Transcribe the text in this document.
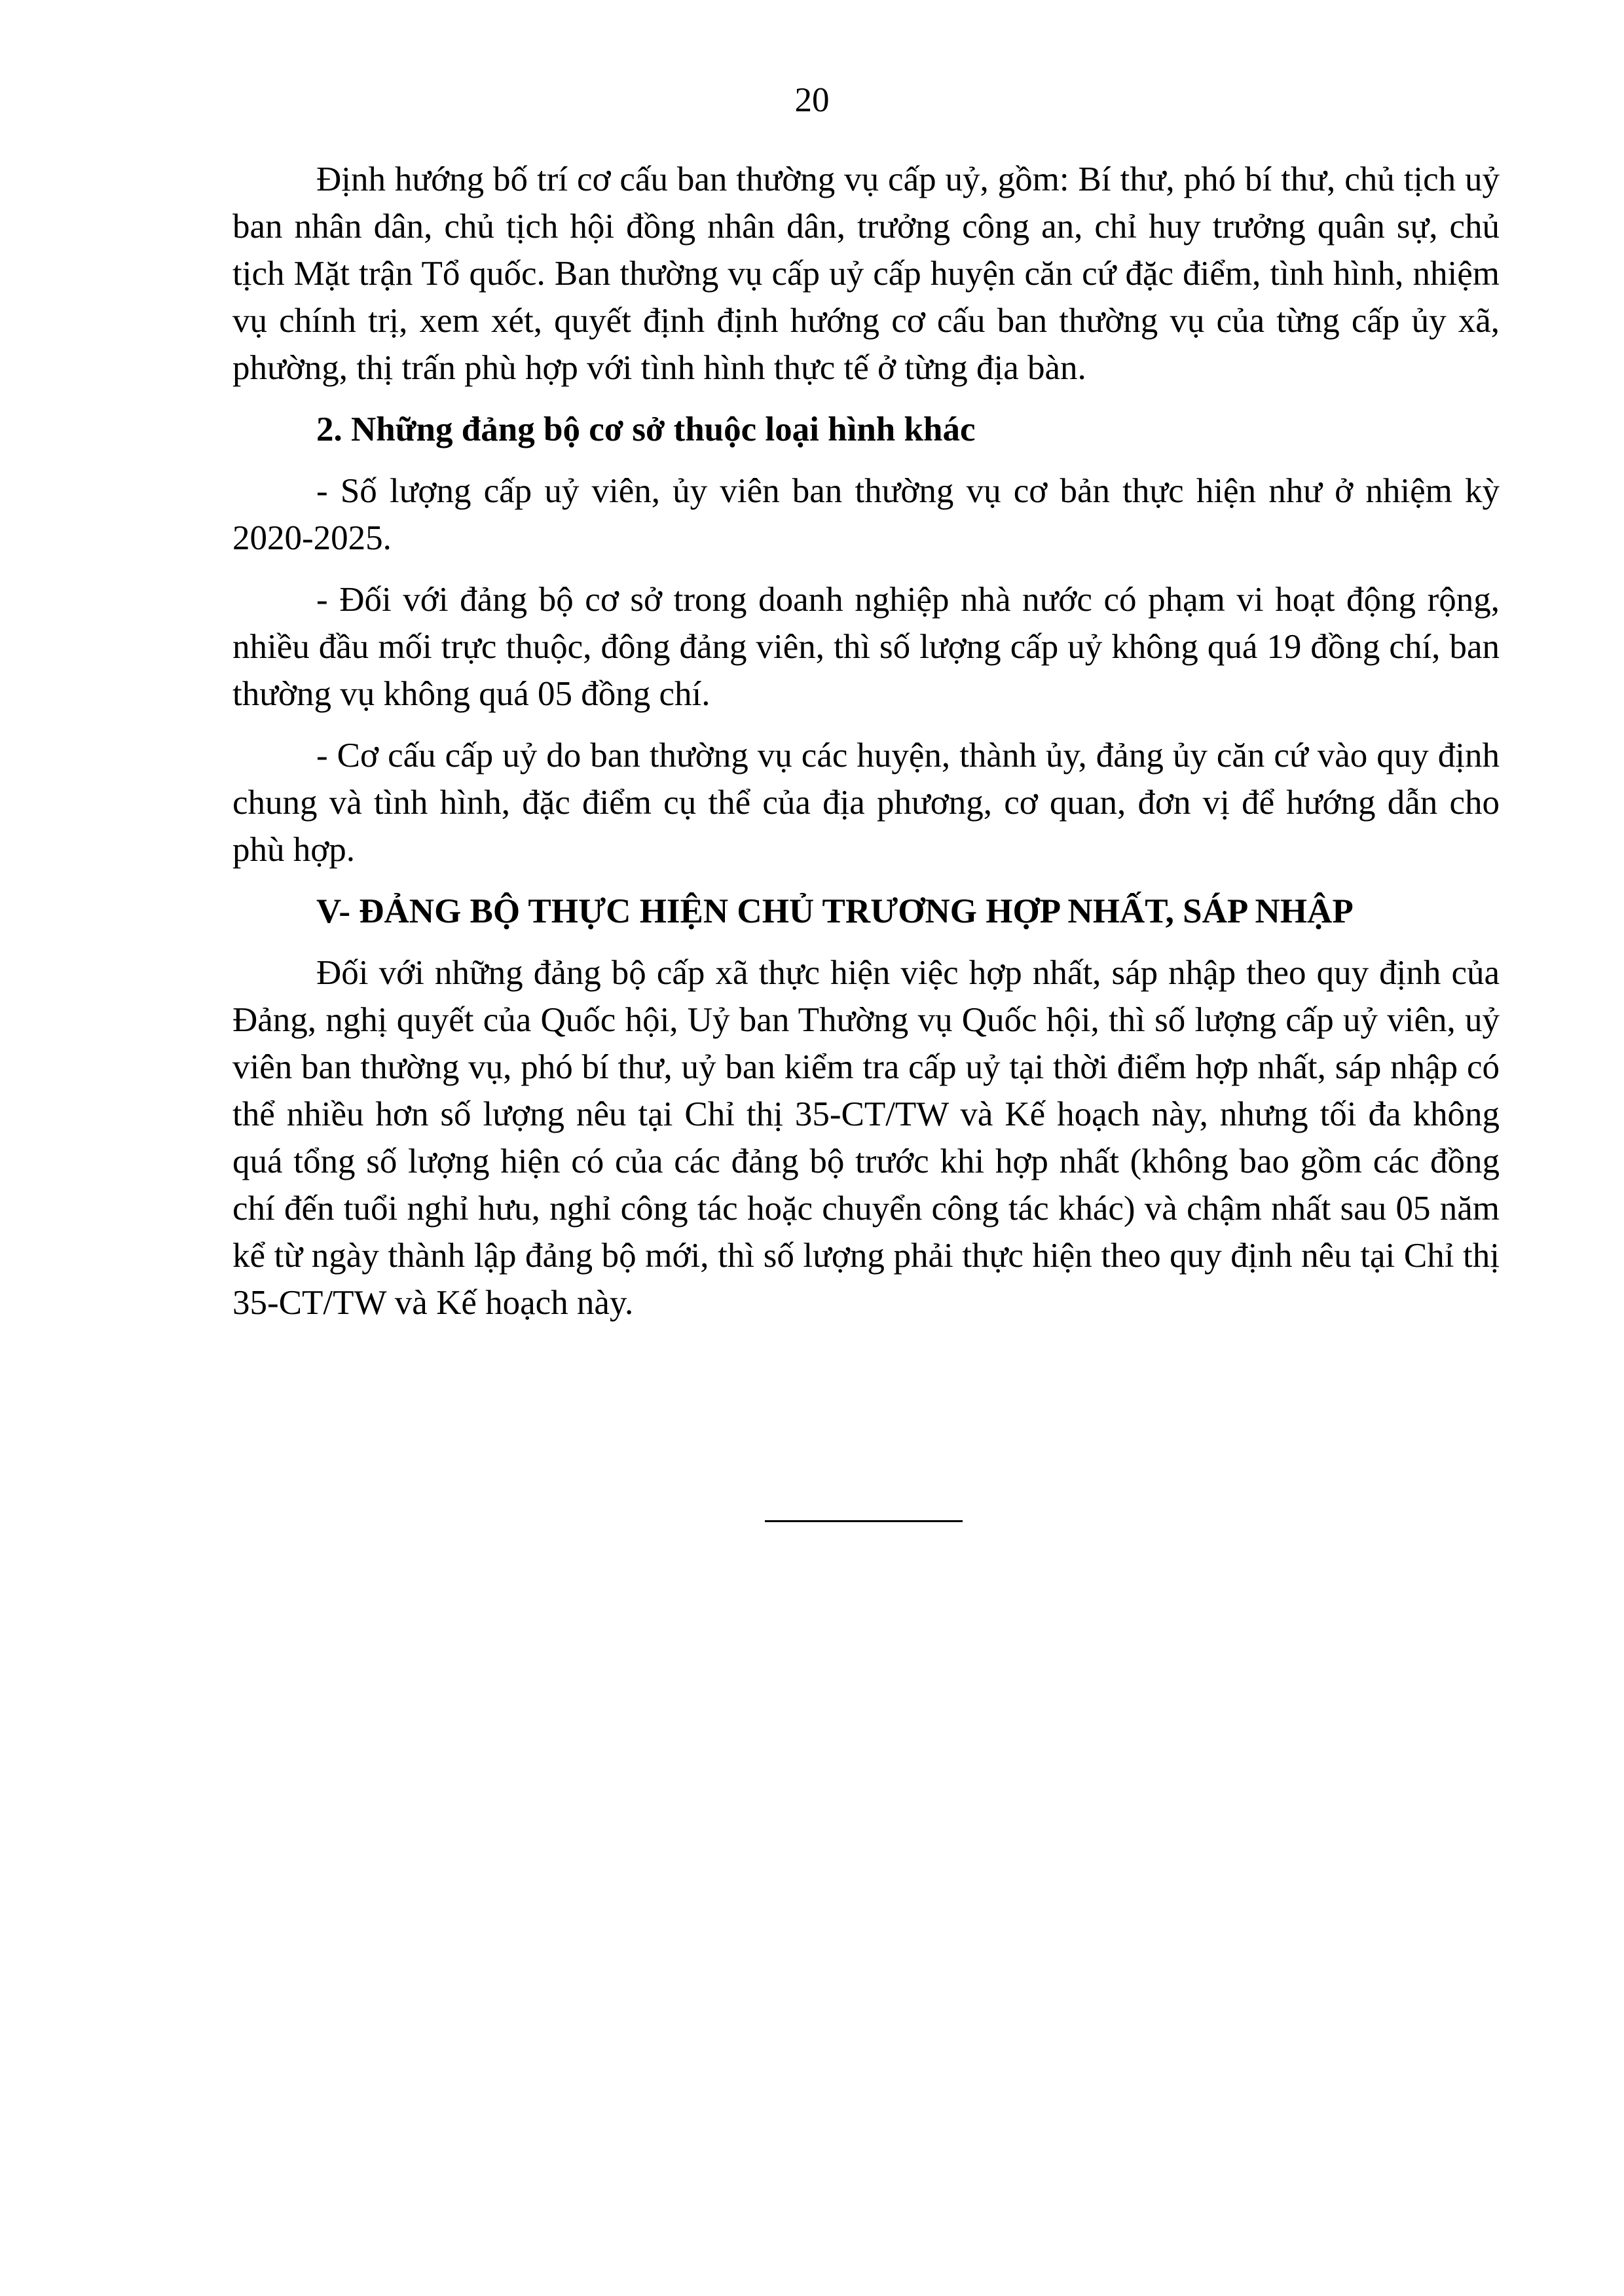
20

Định hướng bố trí cơ cấu ban thường vụ cấp uỷ, gồm: Bí thư, phó bí thư, chủ tịch uỷ ban nhân dân, chủ tịch hội đồng nhân dân, trưởng công an, chỉ huy trưởng quân sự, chủ tịch Mặt trận Tổ quốc. Ban thường vụ cấp uỷ cấp huyện căn cứ đặc điểm, tình hình, nhiệm vụ chính trị, xem xét, quyết định định hướng cơ cấu ban thường vụ của từng cấp ủy xã, phường, thị trấn phù hợp với tình hình thực tế ở từng địa bàn.

2. Những đảng bộ cơ sở thuộc loại hình khác

- Số lượng cấp uỷ viên, ủy viên ban thường vụ cơ bản thực hiện như ở nhiệm kỳ 2020-2025.

- Đối với đảng bộ cơ sở trong doanh nghiệp nhà nước có phạm vi hoạt động rộng, nhiều đầu mối trực thuộc, đông đảng viên, thì số lượng cấp uỷ không quá 19 đồng chí, ban thường vụ không quá 05 đồng chí.

- Cơ cấu cấp uỷ do ban thường vụ các huyện, thành ủy, đảng ủy căn cứ vào quy định chung và tình hình, đặc điểm cụ thể của địa phương, cơ quan, đơn vị để hướng dẫn cho phù hợp.

V- ĐẢNG BỘ THỰC HIỆN CHỦ TRƯƠNG HỢP NHẤT, SÁP NHẬP

Đối với những đảng bộ cấp xã thực hiện việc hợp nhất, sáp nhập theo quy định của Đảng, nghị quyết của Quốc hội, Uỷ ban Thường vụ Quốc hội, thì số lượng cấp uỷ viên, uỷ viên ban thường vụ, phó bí thư, uỷ ban kiểm tra cấp uỷ tại thời điểm hợp nhất, sáp nhập có thể nhiều hơn số lượng nêu tại Chỉ thị 35-CT/TW và Kế hoạch này, nhưng tối đa không quá tổng số lượng hiện có của các đảng bộ trước khi hợp nhất (không bao gồm các đồng chí đến tuổi nghỉ hưu, nghỉ công tác hoặc chuyển công tác khác) và chậm nhất sau 05 năm kể từ ngày thành lập đảng bộ mới, thì số lượng phải thực hiện theo quy định nêu tại Chỉ thị 35-CT/TW và Kế hoạch này.
